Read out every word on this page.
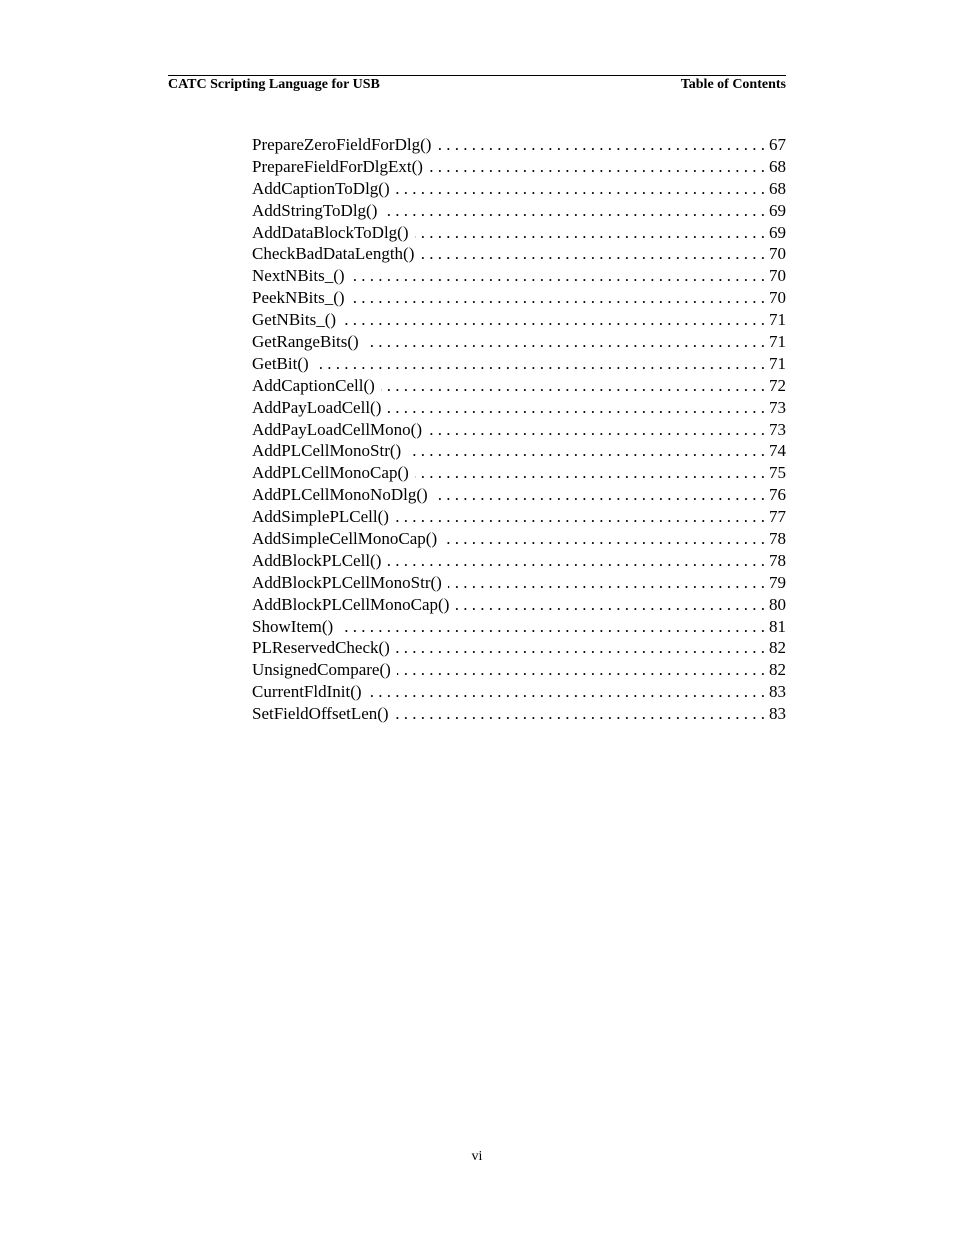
CATC Scripting Language for USB	Table of Contents
PrepareZeroFieldForDlg() . . .	67
PrepareFieldForDlgExt() . . .	68
AddCaptionToDlg() . . .	68
AddStringToDlg() . . .	69
AddDataBlockToDlg() . . .	69
CheckBadDataLength() . . .	70
NextNBits_() . . .	70
PeekNBits_() . . .	70
GetNBits_() . . .	71
GetRangeBits() . . .	71
GetBit() . . .	71
AddCaptionCell() . . .	72
AddPayLoadCell() . . .	73
AddPayLoadCellMono() . . .	73
AddPLCellMonoStr() . . .	74
AddPLCellMonoCap() . . .	75
AddPLCellMonoNoDlg() . . .	76
AddSimplePLCell() . . .	77
AddSimpleCellMonoCap() . . .	78
AddBlockPLCell() . . .	78
AddBlockPLCellMonoStr() . . .	79
AddBlockPLCellMonoCap() . . .	80
ShowItem() . . .	81
PLReservedCheck() . . .	82
UnsignedCompare() . . .	82
CurrentFldInit() . . .	83
SetFieldOffsetLen() . . .	83
vi
